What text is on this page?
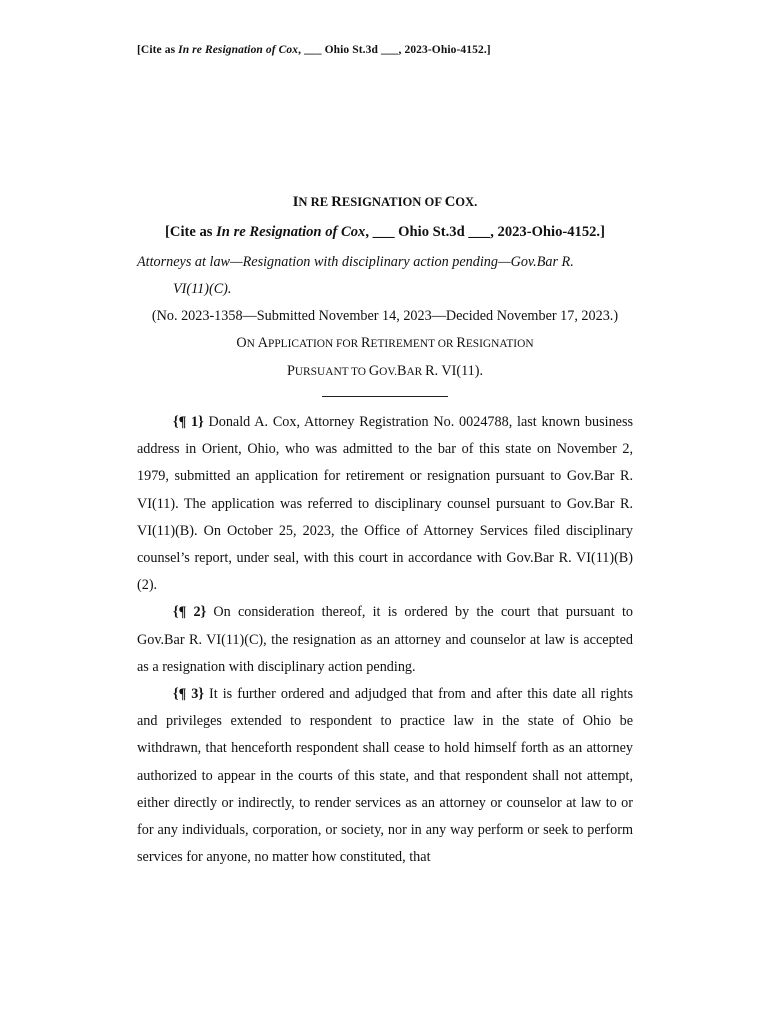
[Cite as In re Resignation of Cox, ___ Ohio St.3d ___, 2023-Ohio-4152.]

IN RE RESIGNATION OF COX.

[Cite as In re Resignation of Cox, ___ Ohio St.3d ___, 2023-Ohio-4152.]

Attorneys at law—Resignation with disciplinary action pending—Gov.Bar R.
VI(11)(C).

(No. 2023-1358—Submitted November 14, 2023—Decided November 17, 2023.)

ON APPLICATION FOR RETIREMENT OR RESIGNATION

PURSUANT TO GOV.BAR R. VI(11).

{¶ 1} Donald A. Cox, Attorney Registration No. 0024788, last known business address in Orient, Ohio, who was admitted to the bar of this state on November 2, 1979, submitted an application for retirement or resignation pursuant to Gov.Bar R. VI(11). The application was referred to disciplinary counsel pursuant to Gov.Bar R. VI(11)(B). On October 25, 2023, the Office of Attorney Services filed disciplinary counsel’s report, under seal, with this court in accordance with Gov.Bar R. VI(11)(B)(2).

{¶ 2} On consideration thereof, it is ordered by the court that pursuant to Gov.Bar R. VI(11)(C), the resignation as an attorney and counselor at law is accepted as a resignation with disciplinary action pending.

{¶ 3} It is further ordered and adjudged that from and after this date all rights and privileges extended to respondent to practice law in the state of Ohio be withdrawn, that henceforth respondent shall cease to hold himself forth as an attorney authorized to appear in the courts of this state, and that respondent shall not attempt, either directly or indirectly, to render services as an attorney or counselor at law to or for any individuals, corporation, or society, nor in any way perform or seek to perform services for anyone, no matter how constituted, that
